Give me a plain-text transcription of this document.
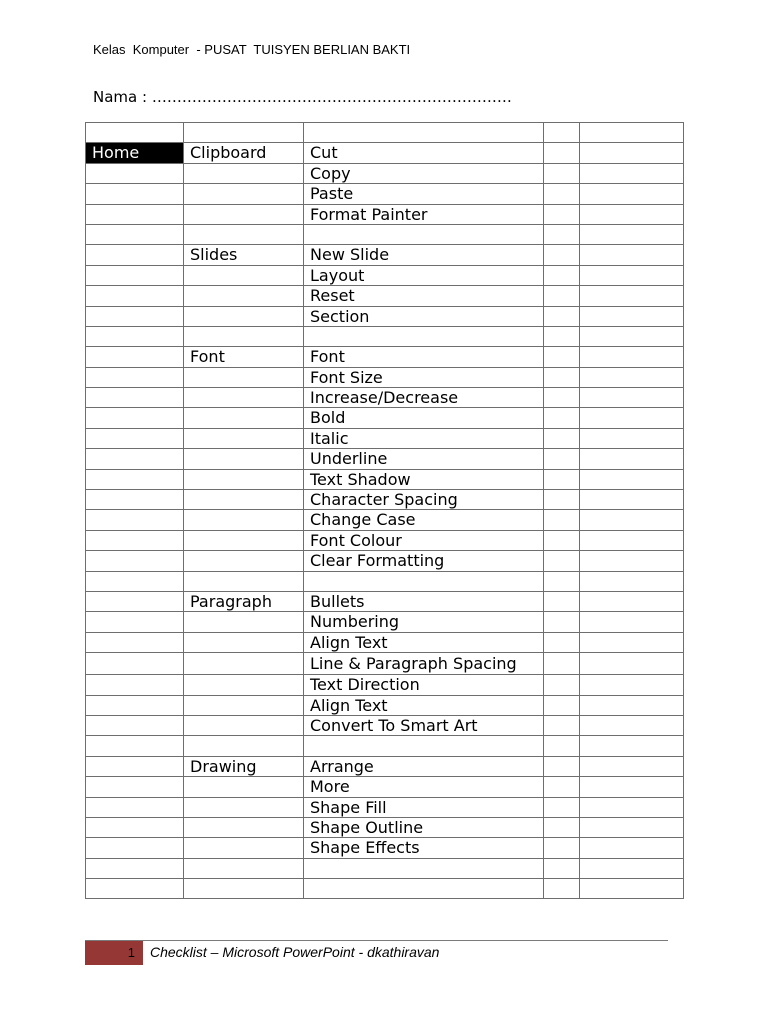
Kelas  Komputer  - PUSAT  TUISYEN BERLIAN BAKTI
Nama : ………………………………………………………………

Home	Clipboard	Cut		
		Copy		
		Paste		
		Format Painter		

	Slides	New Slide		
		Layout		
		Reset		
		Section		

	Font	Font		
		Font Size		
		Increase/Decrease		
		Bold		
		Italic		
		Underline		
		Text Shadow		
		Character Spacing		
		Change Case		
		Font Colour		
		Clear Formatting		

	Paragraph	Bullets		
		Numbering		
		Align Text		
		Line & Paragraph Spacing		
		Text Direction		
		Align Text		
		Convert To Smart Art		

	Drawing	Arrange		
		More		
		Shape Fill		
		Shape Outline		
		Shape Effects		

1 Checklist – Microsoft PowerPoint - dkathiravan
